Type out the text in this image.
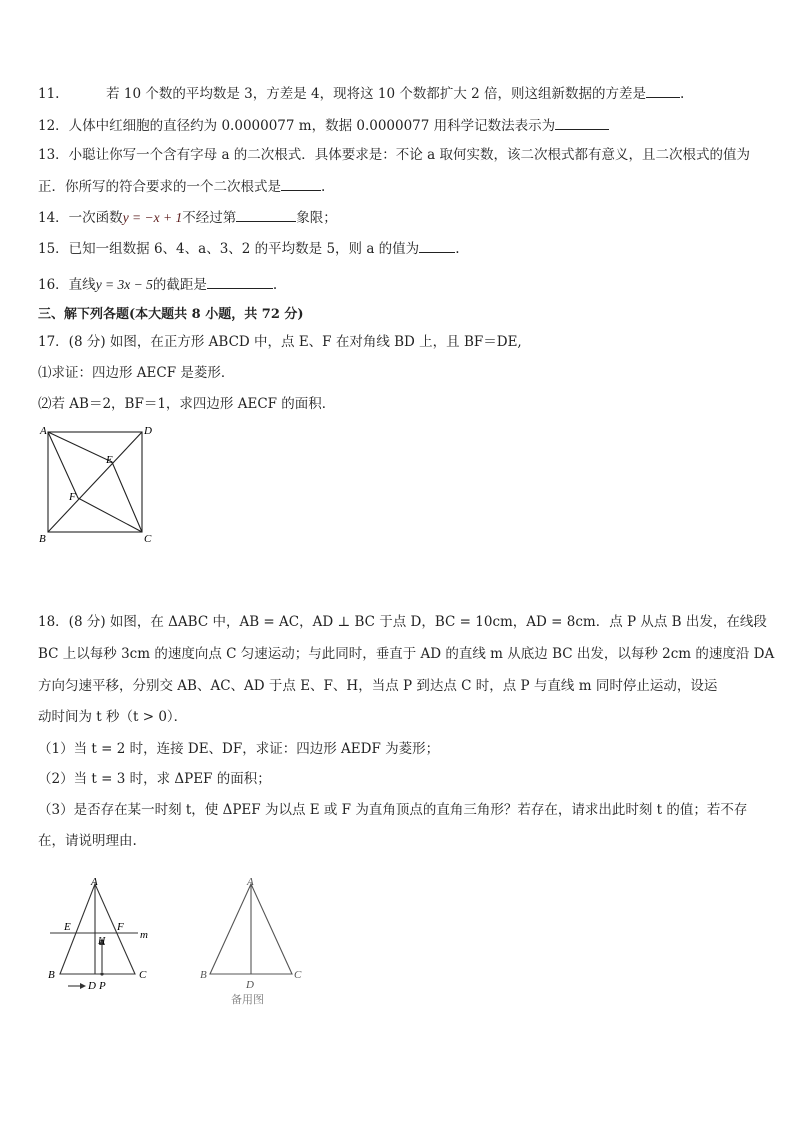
11.	若 10 个数的平均数是 3，方差是 4，现将这 10 个数都扩大 2 倍，则这组新数据的方差是	.
12．人体中红细胞的直径约为 0.0000077 m，数据 0.0000077 用科学记数法表示为
13．小聪让你写一个含有字母 a 的二次根式．具体要求是：不论 a 取何实数，该二次根式都有意义，且二次根式的值为
正．你所写的符合要求的一个二次根式是	.
14．一次函数y = −x + 1不经过第	象限；
15．已知一组数据 6、4、a、3、2 的平均数是 5，则 a 的值为	.
16．直线y = 3x − 5的截距是	.
三、解下列各题(本大题共 8 小题，共 72 分)
17．(8 分) 如图，在正方形 ABCD 中，点 E、F 在对角线 BD 上，且 BF＝DE,
⑴求证：四边形 AECF 是菱形．
⑵若 AB＝2，BF＝1，求四边形 AECF 的面积．
A	D
E
F
B	C
18．(8 分) 如图，在 ΔABC 中，AB = AC，AD ⊥ BC 于点 D，BC = 10cm，AD = 8cm．点 P 从点 B 出发，在线段
BC 上以每秒 3cm 的速度向点 C 匀速运动；与此同时，垂直于 AD 的直线 m 从底边 BC 出发，以每秒 2cm 的速度沿 DA
方向匀速平移，分别交 AB、AC、AD 于点 E、F、H，当点 P 到达点 C 时，点 P 与直线 m 同时停止运动，设运
动时间为 t 秒（t > 0）．
（1）当 t = 2 时，连接 DE、DF，求证：四边形 AEDF 为菱形；
（2）当 t = 3 时，求 ΔPEF 的面积；
（3）是否存在某一时刻 t，使 ΔPEF 为以点 E 或 F 为直角顶点的直角三角形？若存在，请求出此时刻 t 的值；若不存
在，请说明理由.
A
E	F
m
H
B	C
D P
A
B	C
D
备用图
